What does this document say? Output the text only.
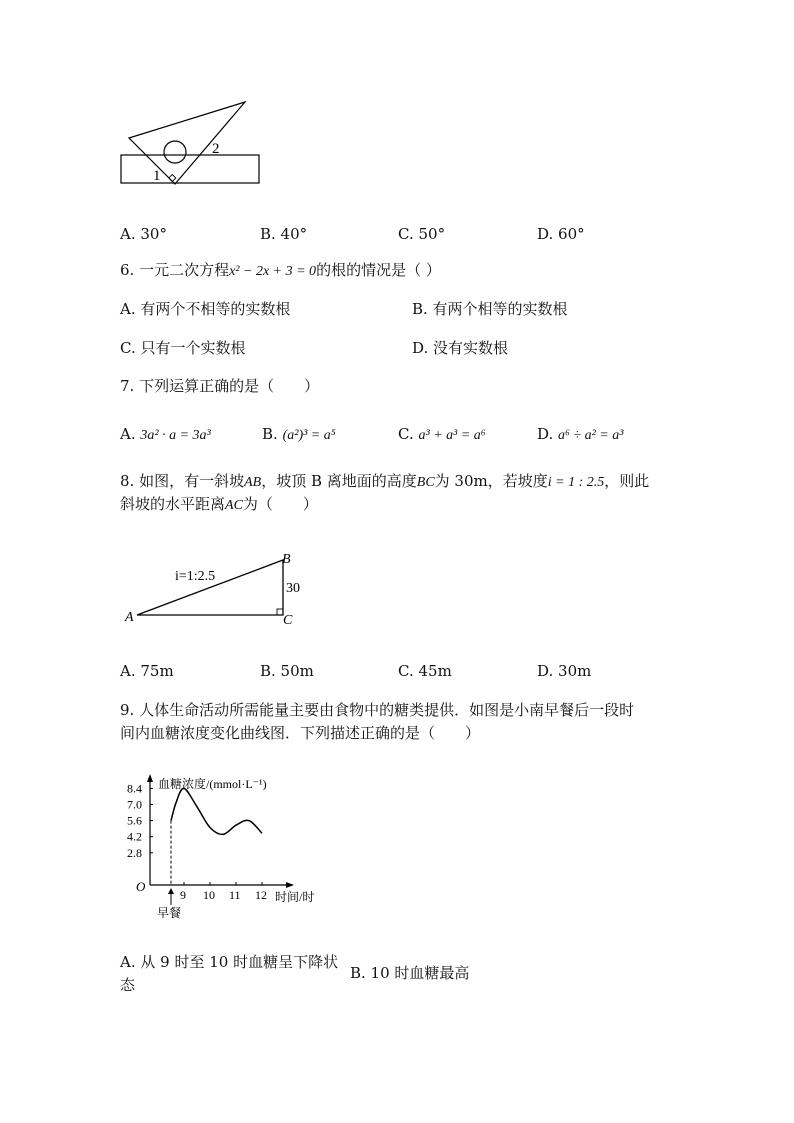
1
2
A. 30°	B. 40°	C. 50°	D. 60°
6. 一元二次方程x² − 2x + 3 = 0的根的情况是（ ）
A. 有两个不相等的实数根	B. 有两个相等的实数根
C. 只有一个实数根	D. 没有实数根
7. 下列运算正确的是（　　）
A. 3a² · a = 3a³	B. (a²)³ = a⁵	C. a³ + a³ = a⁶	D. a⁶ ÷ a² = a³
8. 如图，有一斜坡AB，坡顶 B 离地面的高度BC为 30m，若坡度i = 1 : 2.5，则此
斜坡的水平距离AC为（　　）
i=1:2.5
30
A
B
C
A. 75m	B. 50m	C. 45m	D. 30m
9. 人体生命活动所需能量主要由食物中的糖类提供．如图是小南早餐后一段时
间内血糖浓度变化曲线图．下列描述正确的是（　　）
8.4
7.0
5.6
4.2
2.8
9 10 11 12
血糖浓度/(mmol·L⁻¹)
时间/时
O
早餐
A. 从 9 时至 10 时血糖呈下降状
态
B. 10 时血糖最高
